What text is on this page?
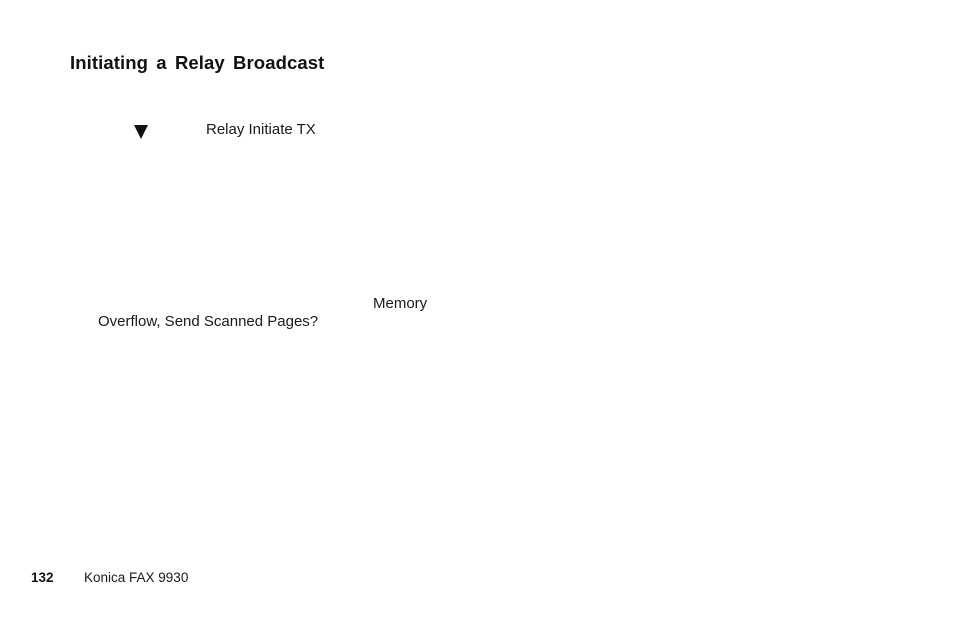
Initiating a Relay Broadcast
Relay Initiate TX
Memory
Overflow, Send Scanned Pages?
132 Konica FAX 9930
